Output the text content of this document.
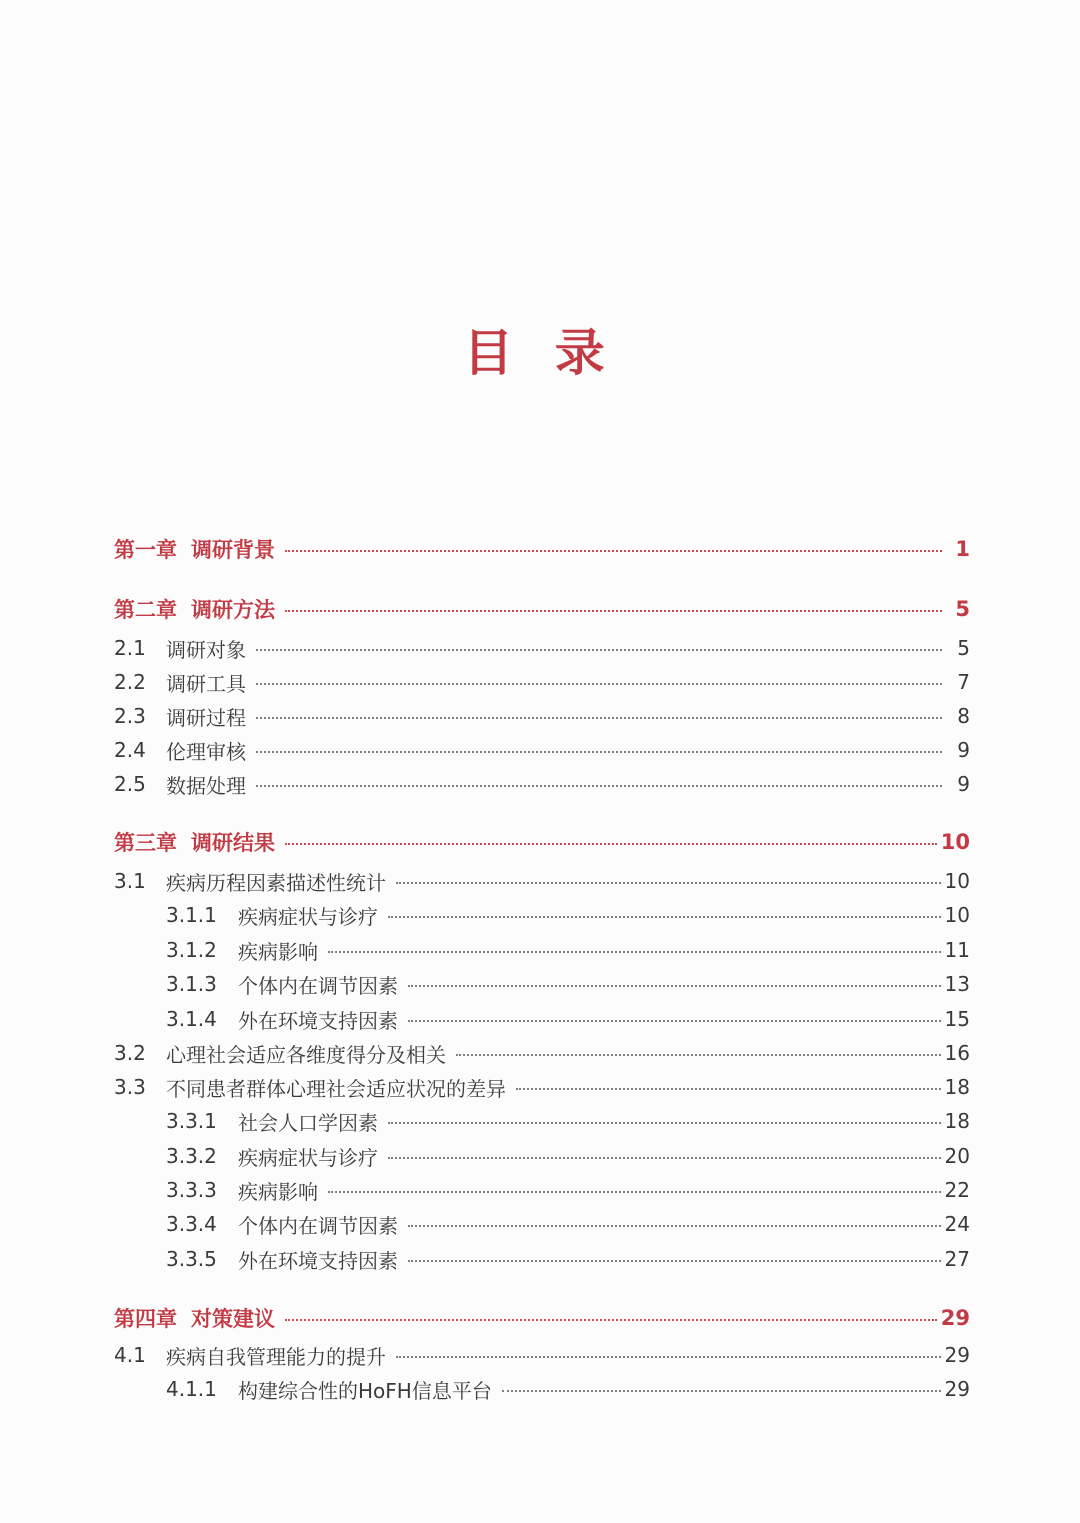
目 录
第一章 调研背景	1
第二章 调研方法	5
2.1	调研对象	5
2.2	调研工具	7
2.3	调研过程	8
2.4	伦理审核	9
2.5	数据处理	9
第三章 调研结果	10
3.1	疾病历程因素描述性统计	10
3.1.1	疾病症状与诊疗	10
3.1.2	疾病影响	11
3.1.3	个体内在调节因素	13
3.1.4	外在环境支持因素	15
3.2	心理社会适应各维度得分及相关	16
3.3	不同患者群体心理社会适应状况的差异	18
3.3.1	社会人口学因素	18
3.3.2	疾病症状与诊疗	20
3.3.3	疾病影响	22
3.3.4	个体内在调节因素	24
3.3.5	外在环境支持因素	27
第四章 对策建议	29
4.1	疾病自我管理能力的提升	29
4.1.1	构建综合性的HoFH信息平台	29
